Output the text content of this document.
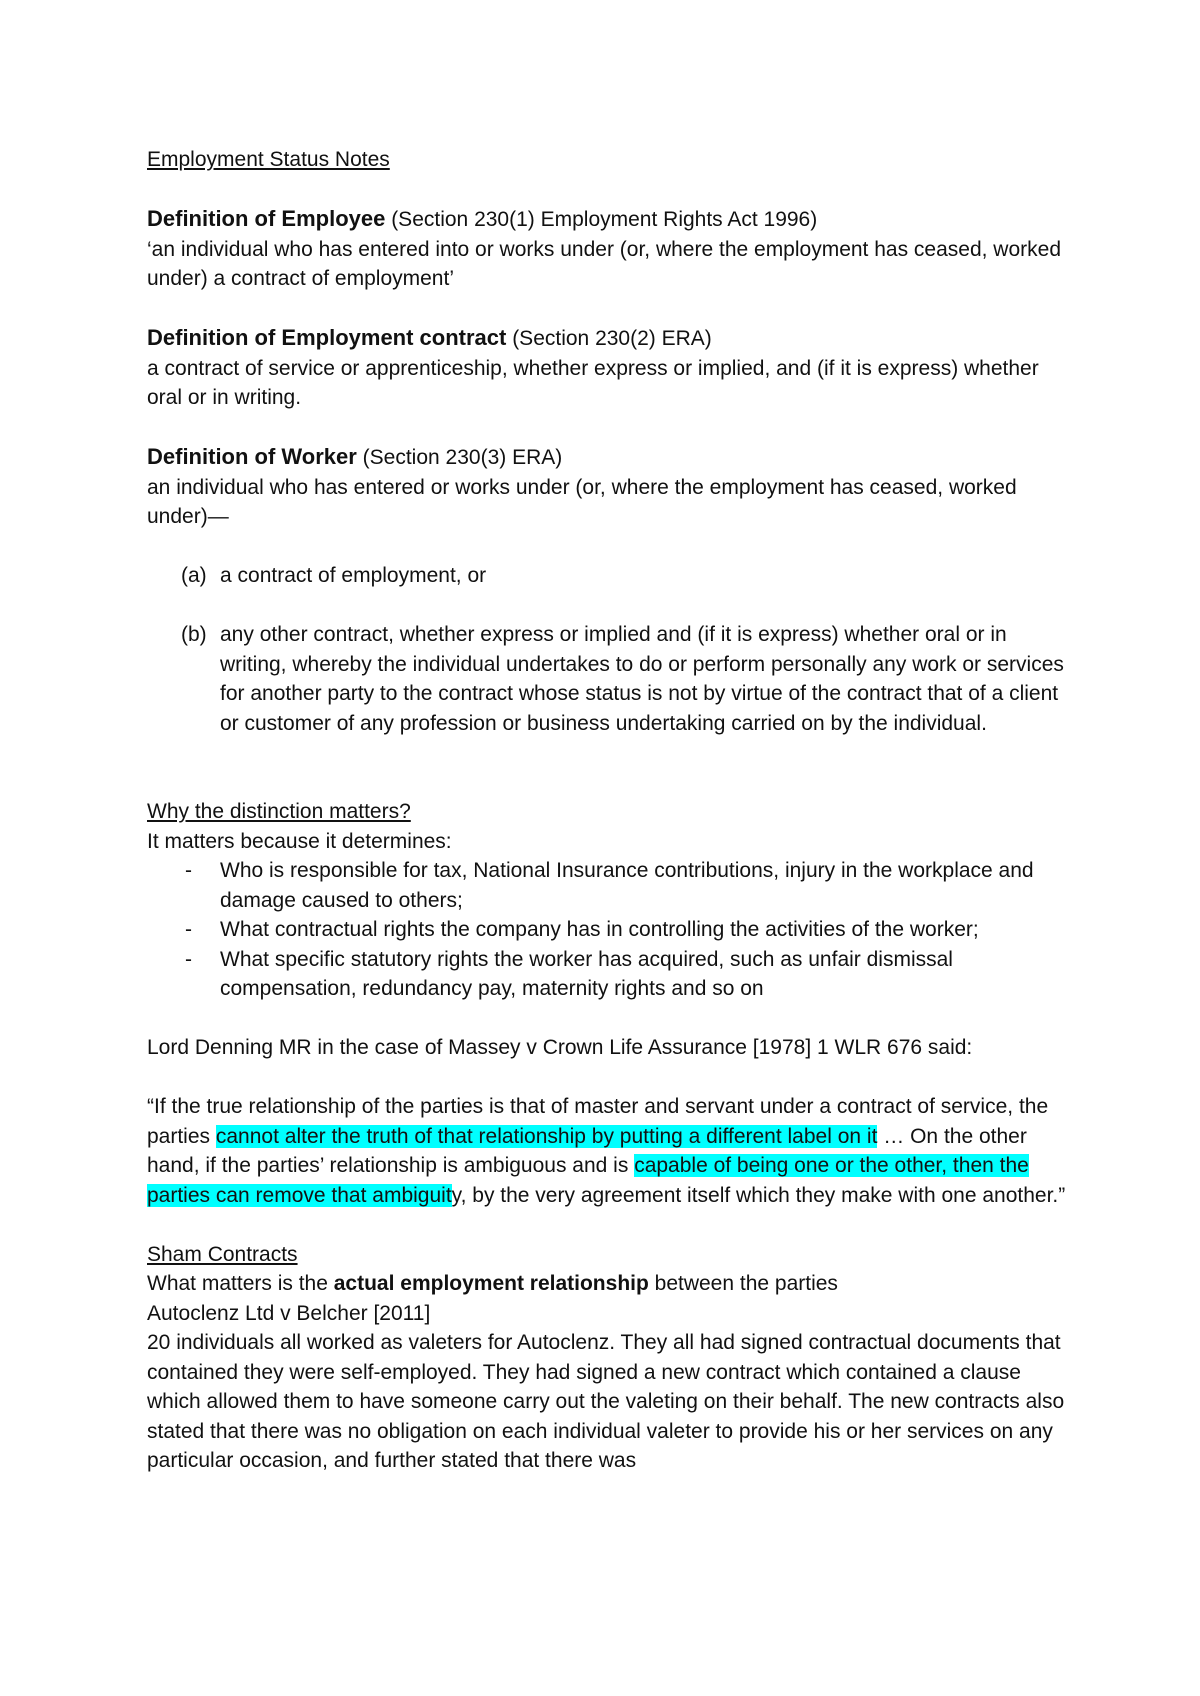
Employment Status Notes

Definition of Employee (Section 230(1) Employment Rights Act 1996)

‘an individual who has entered into or works under (or, where the employment has ceased, worked under) a contract of employment’

Definition of Employment contract (Section 230(2) ERA)

a contract of service or apprenticeship, whether express or implied, and (if it is express) whether oral or in writing.

Definition of Worker (Section 230(3) ERA)

an individual who has entered or works under (or, where the employment has ceased, worked under)—

(a) a contract of employment, or
(b) any other contract, whether express or implied and (if it is express) whether oral or in writing, whereby the individual undertakes to do or perform personally any work or services for another party to the contract whose status is not by virtue of the contract that of a client or customer of any profession or business undertaking carried on by the individual.

Why the distinction matters?

It matters because it determines:

-	Who is responsible for tax, National Insurance contributions, injury in the workplace and damage caused to others;
-	What contractual rights the company has in controlling the activities of the worker;
-	What specific statutory rights the worker has acquired, such as unfair dismissal compensation, redundancy pay, maternity rights and so on

Lord Denning MR in the case of Massey v Crown Life Assurance [1978] 1 WLR 676 said:

“If the true relationship of the parties is that of master and servant under a contract of service, the parties cannot alter the truth of that relationship by putting a different label on it … On the other hand, if the parties’ relationship is ambiguous and is capable of being one or the other, then the parties can remove that ambiguity, by the very agreement itself which they make with one another.”

Sham Contracts

What matters is the actual employment relationship between the parties

Autoclenz Ltd v Belcher [2011]

20 individuals all worked as valeters for Autoclenz. They all had signed contractual documents that contained they were self-employed. They had signed a new contract which contained a clause which allowed them to have someone carry out the valeting on their behalf. The new contracts also stated that there was no obligation on each individual valeter to provide his or her services on any particular occasion, and further stated that there was
